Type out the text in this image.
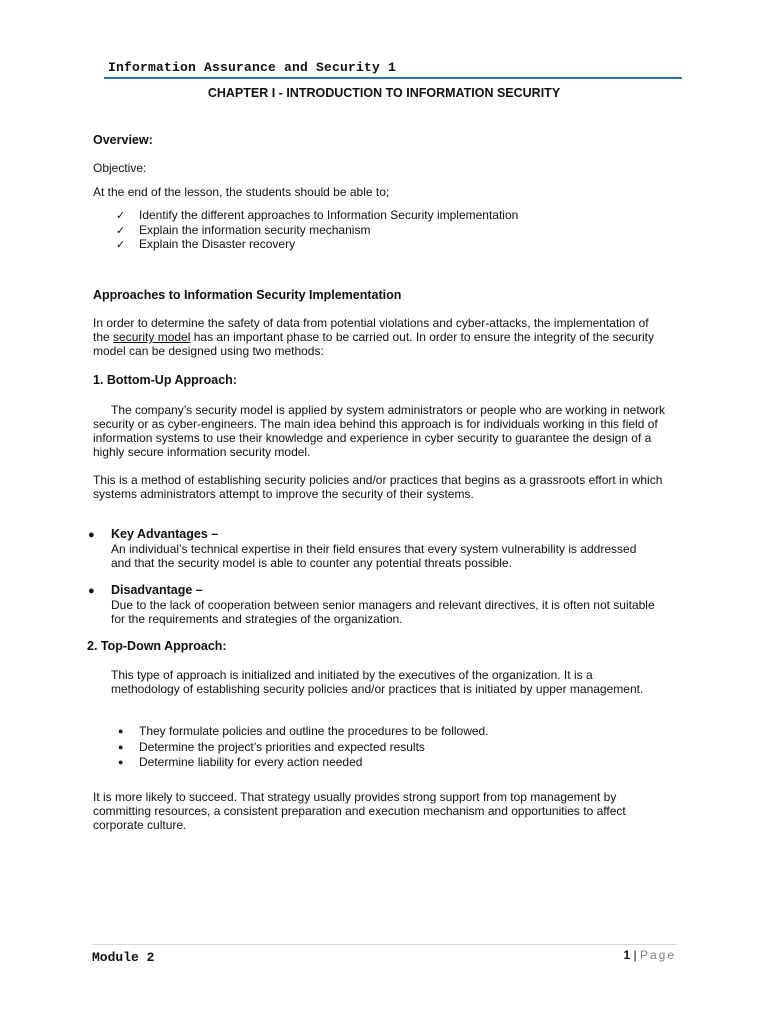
Information Assurance and Security 1
CHAPTER I - INTRODUCTION TO INFORMATION SECURITY
Overview:
Objective:
At the end of the lesson, the students should be able to;
✓ Identify the different approaches to Information Security implementation
✓ Explain the information security mechanism
✓ Explain the Disaster recovery
Approaches to Information Security Implementation
In order to determine the safety of data from potential violations and cyber-attacks, the implementation of the security model has an important phase to be carried out. In order to ensure the integrity of the security model can be designed using two methods:
1. Bottom-Up Approach:
The company’s security model is applied by system administrators or people who are working in network security or as cyber-engineers. The main idea behind this approach is for individuals working in this field of information systems to use their knowledge and experience in cyber security to guarantee the design of a highly secure information security model.
This is a method of establishing security policies and/or practices that begins as a grassroots effort in which systems administrators attempt to improve the security of their systems.
● Key Advantages –
An individual’s technical expertise in their field ensures that every system vulnerability is addressed and that the security model is able to counter any potential threats possible.
● Disadvantage –
Due to the lack of cooperation between senior managers and relevant directives, it is often not suitable for the requirements and strategies of the organization.
2. Top-Down Approach:
This type of approach is initialized and initiated by the executives of the organization. It is a methodology of establishing security policies and/or practices that is initiated by upper management.
● They formulate policies and outline the procedures to be followed.
● Determine the project’s priorities and expected results
● Determine liability for every action needed
It is more likely to succeed. That strategy usually provides strong support from top management by committing resources, a consistent preparation and execution mechanism and opportunities to affect corporate culture.
Module 2	1 | Page
